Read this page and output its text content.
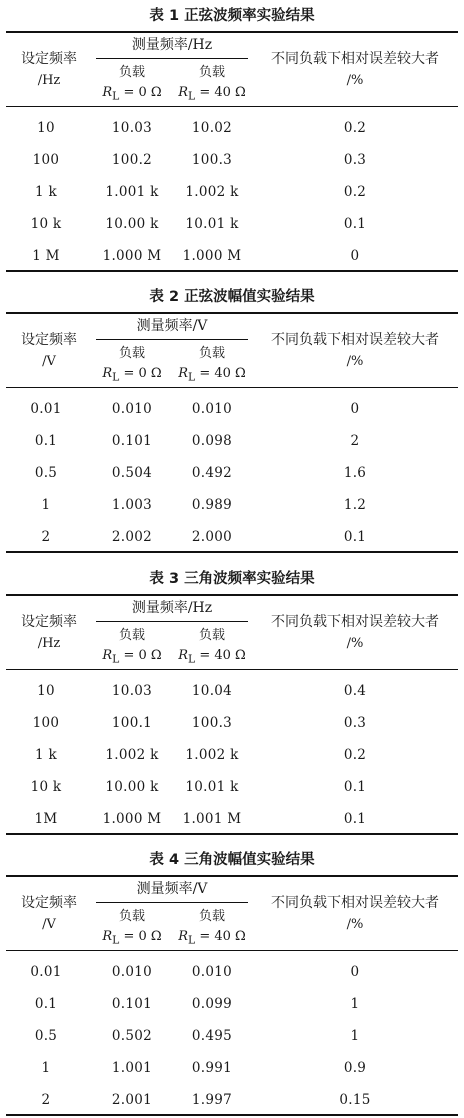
表 1 正弦波频率实验结果
设定频率
/Hz
测量频率/Hz
负载	负载
$R_L = 0$ Ω	$R_L = 40$ Ω
不同负载下相对误差较大者
/%
10	10.03	10.02	0.2
100	100.2	100.3	0.3
1 k	1.001 k	1.002 k	0.2
10 k	10.00 k	10.01 k	0.1
1 M	1.000 M	1.000 M	0
表 2 正弦波幅值实验结果
设定频率
/V
测量频率/V
负载	负载
$R_L = 0$ Ω	$R_L = 40$ Ω
不同负载下相对误差较大者
/%
0.01	0.010	0.010	0
0.1	0.101	0.098	2
0.5	0.504	0.492	1.6
1	1.003	0.989	1.2
2	2.002	2.000	0.1
表 3 三角波频率实验结果
设定频率
/Hz
测量频率/Hz
负载	负载
$R_L = 0$ Ω	$R_L = 40$ Ω
不同负载下相对误差较大者
/%
10	10.03	10.04	0.4
100	100.1	100.3	0.3
1 k	1.002 k	1.002 k	0.2
10 k	10.00 k	10.01 k	0.1
1M	1.000 M	1.001 M	0.1
表 4 三角波幅值实验结果
设定频率
/V
测量频率/V
负载	负载
$R_L = 0$ Ω	$R_L = 40$ Ω
不同负载下相对误差较大者
/%
0.01	0.010	0.010	0
0.1	0.101	0.099	1
0.5	0.502	0.495	1
1	1.001	0.991	0.9
2	2.001	1.997	0.15
